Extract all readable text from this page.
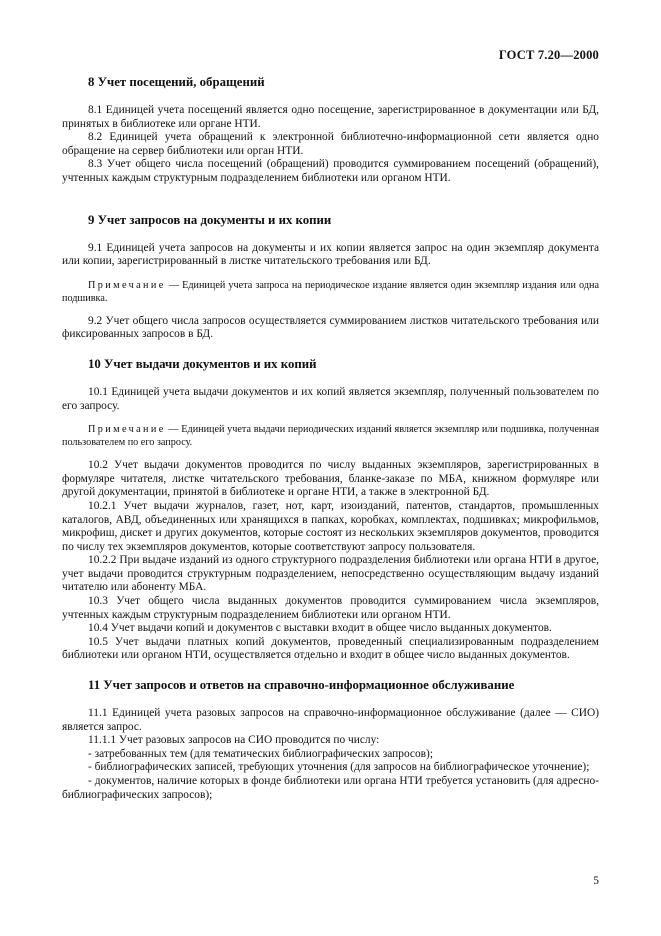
ГОСТ 7.20—2000
8 Учет посещений, обращений

8.1 Единицей учета посещений является одно посещение, зарегистрированное в документации или БД, принятых в библиотеке или органе НТИ.

8.2 Единицей учета обращений к электронной библиотечно-информационной сети является одно обращение на сервер библиотеки или орган НТИ.

8.3 Учет общего числа посещений (обращений) проводится суммированием посещений (обращений), учтенных каждым структурным подразделением библиотеки или органом НТИ.

9 Учет запросов на документы и их копии

9.1 Единицей учета запросов на документы и их копии является запрос на один экземпляр документа или копии, зарегистрированный в листке читательского требования или БД.

Примечание — Единицей учета запроса на периодическое издание является один экземпляр издания или одна подшивка.

9.2 Учет общего числа запросов осуществляется суммированием листков читательского требования или фиксированных запросов в БД.

10 Учет выдачи документов и их копий

10.1 Единицей учета выдачи документов и их копий является экземпляр, полученный пользователем по его запросу.

Примечание — Единицей учета выдачи периодических изданий является экземпляр или подшивка, полученная пользователем по его запросу.

10.2 Учет выдачи документов проводится по числу выданных экземпляров, зарегистрированных в формуляре читателя, листке читательского требования, бланке-заказе по МБА, книжном формуляре или другой документации, принятой в библиотеке и органе НТИ, а также в электронной БД.

10.2.1 Учет выдачи журналов, газет, нот, карт, изоизданий, патентов, стандартов, промышленных каталогов, АВД, объединенных или хранящихся в папках, коробках, комплектах, подшивках; микрофильмов, микрофиш, дискет и других документов, которые состоят из нескольких экземпляров документов, проводится по числу тех экземпляров документов, которые соответствуют запросу пользователя.

10.2.2 При выдаче изданий из одного структурного подразделения библиотеки или органа НТИ в другое, учет выдачи проводится структурным подразделением, непосредственно осуществляющим выдачу изданий читателю или абоненту МБА.

10.3 Учет общего числа выданных документов проводится суммированием числа экземпляров, учтенных каждым структурным подразделением библиотеки или органом НТИ.

10.4 Учет выдачи копий и документов с выставки входит в общее число выданных документов.

10.5 Учет выдачи платных копий документов, проведенный специализированным подразделением библиотеки или органом НТИ, осуществляется отдельно и входит в общее число выданных документов.

11 Учет запросов и ответов на справочно-информационное обслуживание

11.1 Единицей учета разовых запросов на справочно-информационное обслуживание (далее — СИО) является запрос.

11.1.1 Учет разовых запросов на СИО проводится по числу:

- затребованных тем (для тематических библиографических запросов);

- библиографических записей, требующих уточнения (для запросов на библиографическое уточнение);

- документов, наличие которых в фонде библиотеки или органа НТИ требуется установить (для адресно-библиографических запросов);

5
